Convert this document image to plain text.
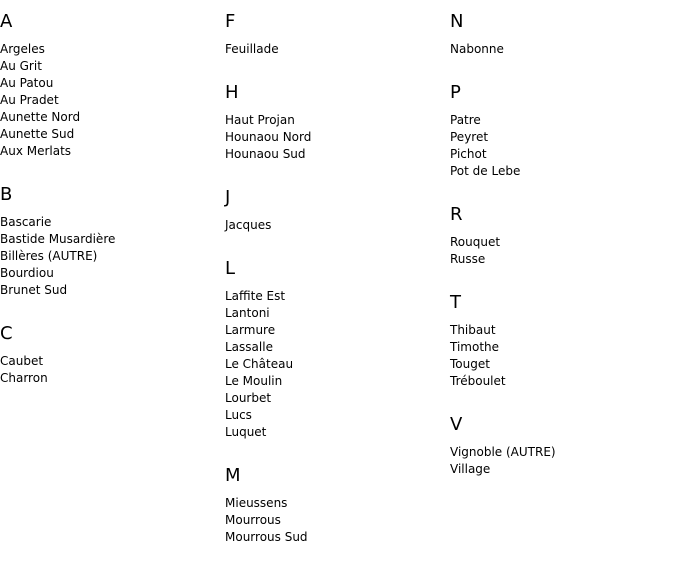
A
Argeles
Au Grit
Au Patou
Au Pradet
Aunette Nord
Aunette Sud
Aux Merlats
B
Bascarie
Bastide Musardière
Billères (AUTRE)
Bourdiou
Brunet Sud
C
Caubet
Charron
F
Feuillade
H
Haut Projan
Hounaou Nord
Hounaou Sud
J
Jacques
L
Laffite Est
Lantoni
Larmure
Lassalle
Le Château
Le Moulin
Lourbet
Lucs
Luquet
M
Mieussens
Mourrous
Mourrous Sud
N
Nabonne
P
Patre
Peyret
Pichot
Pot de Lebe
R
Rouquet
Russe
T
Thibaut
Timothe
Touget
Tréboulet
V
Vignoble (AUTRE)
Village
